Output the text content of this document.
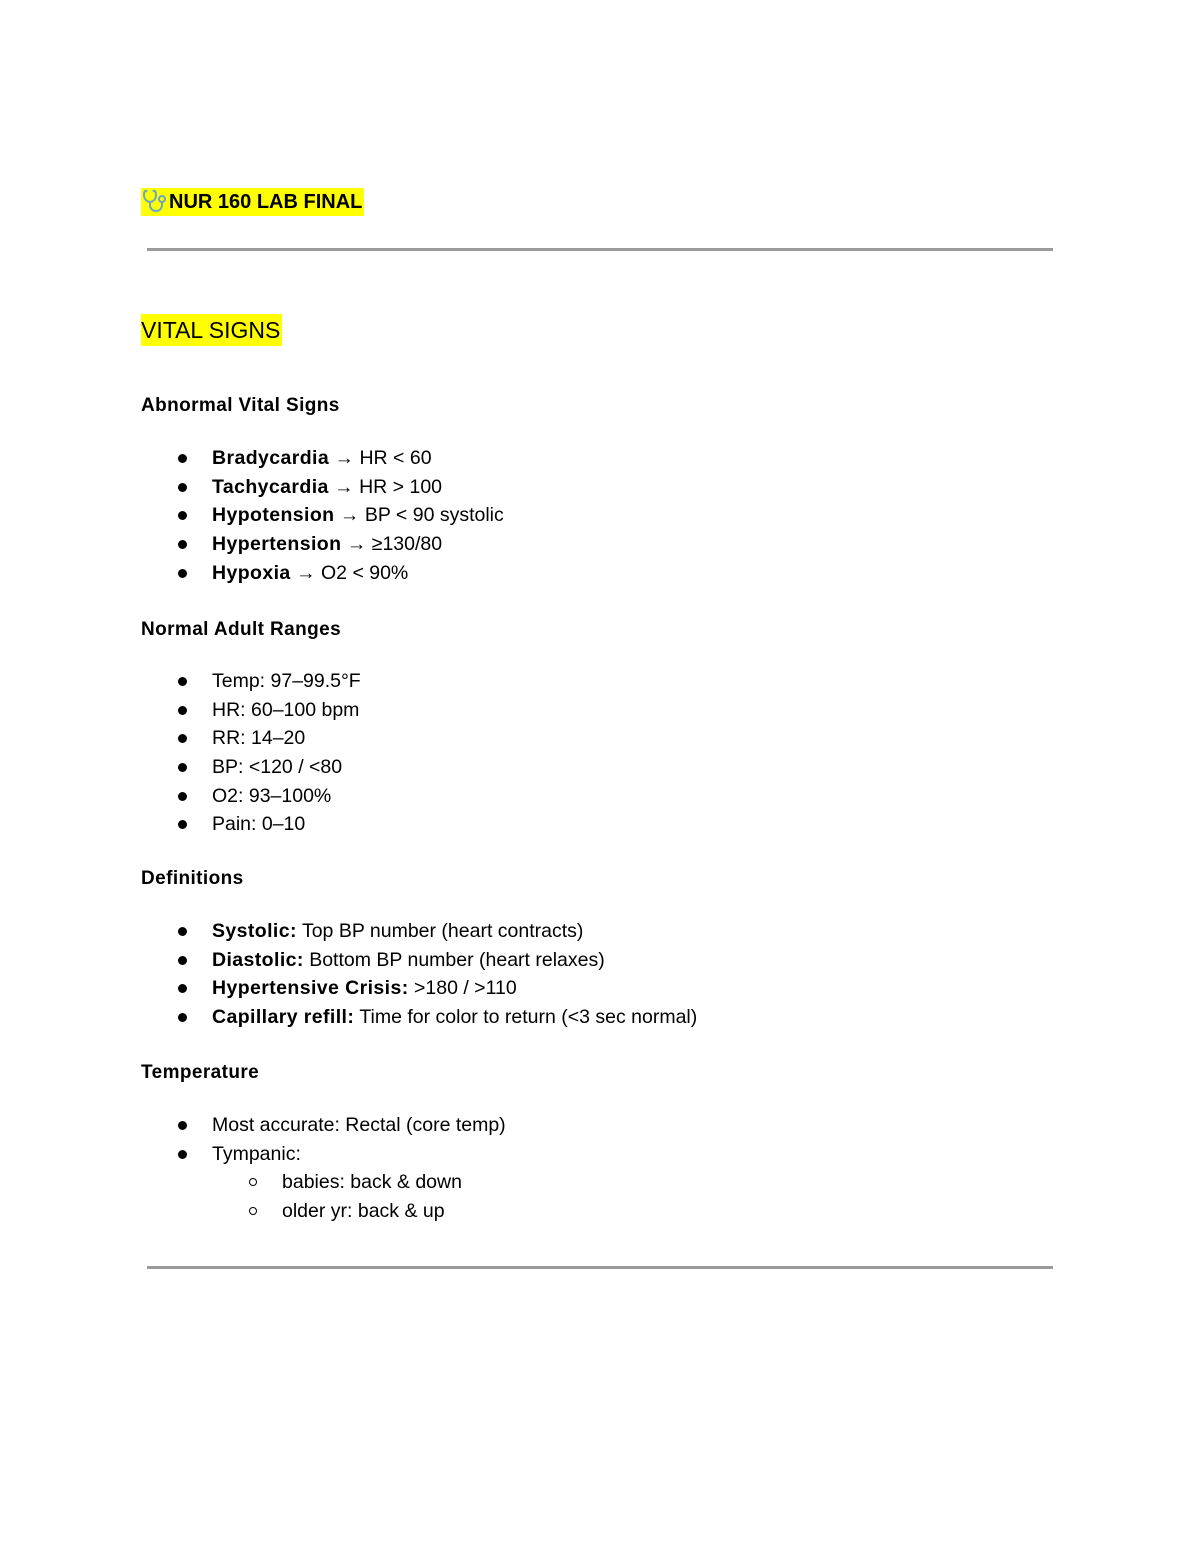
NUR 160 LAB FINAL
VITAL SIGNS
Abnormal Vital Signs
Bradycardia → HR < 60
Tachycardia → HR > 100
Hypotension → BP < 90 systolic
Hypertension → ≥130/80
Hypoxia → O2 < 90%
Normal Adult Ranges
Temp: 97–99.5°F
HR: 60–100 bpm
RR: 14–20
BP: <120 / <80
O2: 93–100%
Pain: 0–10
Definitions
Systolic: Top BP number (heart contracts)
Diastolic: Bottom BP number (heart relaxes)
Hypertensive Crisis: >180 / >110
Capillary refill: Time for color to return (<3 sec normal)
Temperature
Most accurate: Rectal (core temp)
Tympanic:
babies: back & down
older yr: back & up
